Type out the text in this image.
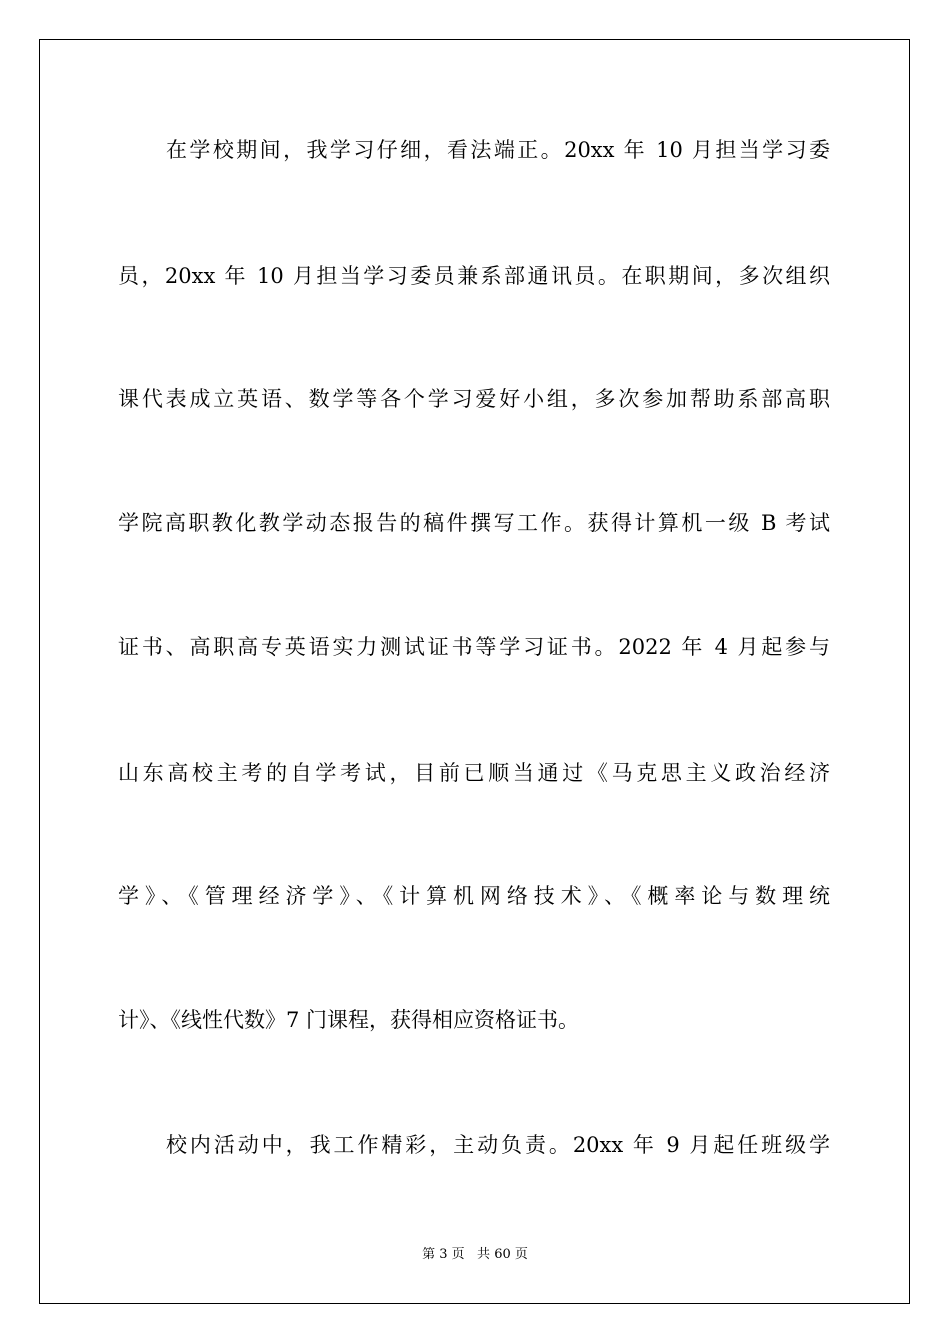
在学校期间，我学习仔细，看法端正。20xx 年 10 月担当学习委
员，20xx 年 10 月担当学习委员兼系部通讯员。在职期间，多次组织
课代表成立英语、数学等各个学习爱好小组，多次参加帮助系部高职
学院高职教化教学动态报告的稿件撰写工作。获得计算机一级 B 考试
证书、高职高专英语实力测试证书等学习证书。2022 年 4 月起参与
山东高校主考的自学考试，目前已顺当通过《马克思主义政治经济
学》、《管理经济学》、《计算机网络技术》、《概率论与数理统
计》、《线性代数》7 门课程，获得相应资格证书。
校内活动中，我工作精彩，主动负责。20xx 年 9 月起任班级学
第 3 页   共 60 页
